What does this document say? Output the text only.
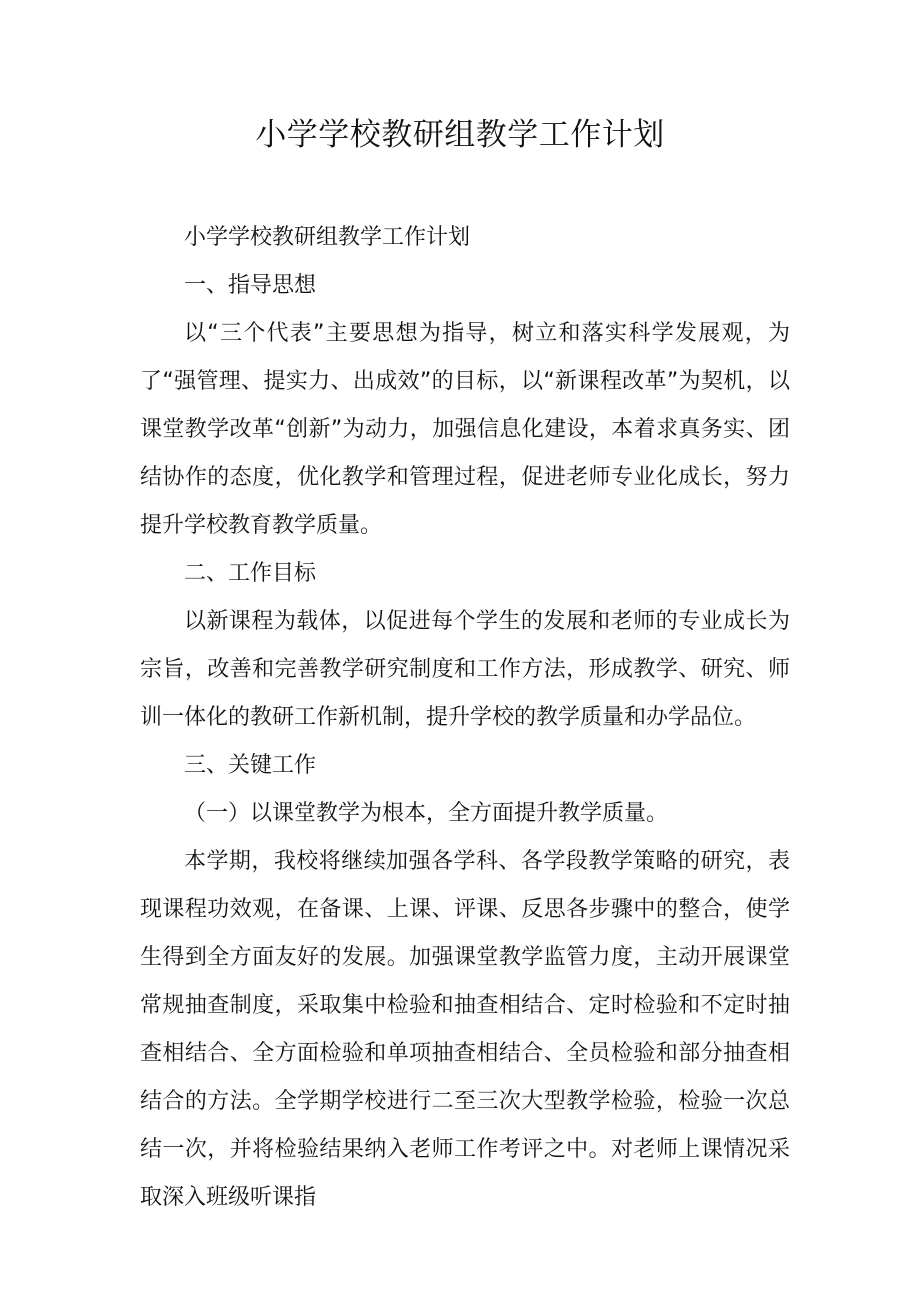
小学学校教研组教学工作计划

小学学校教研组教学工作计划

一、指导思想

以“三个代表”主要思想为指导，树立和落实科学发展观，为了“强管理、提实力、出成效”的目标，以“新课程改革”为契机，以课堂教学改革“创新”为动力，加强信息化建设，本着求真务实、团结协作的态度，优化教学和管理过程，促进老师专业化成长，努力提升学校教育教学质量。

二、工作目标

以新课程为载体，以促进每个学生的发展和老师的专业成长为宗旨，改善和完善教学研究制度和工作方法，形成教学、研究、师训一体化的教研工作新机制，提升学校的教学质量和办学品位。

三、关键工作

（一）以课堂教学为根本，全方面提升教学质量。

本学期，我校将继续加强各学科、各学段教学策略的研究，表现课程功效观，在备课、上课、评课、反思各步骤中的整合，使学生得到全方面友好的发展。加强课堂教学监管力度，主动开展课堂常规抽查制度，采取集中检验和抽查相结合、定时检验和不定时抽查相结合、全方面检验和单项抽查相结合、全员检验和部分抽查相结合的方法。全学期学校进行二至三次大型教学检验，检验一次总结一次，并将检验结果纳入老师工作考评之中。对老师上课情况采取深入班级听课指
